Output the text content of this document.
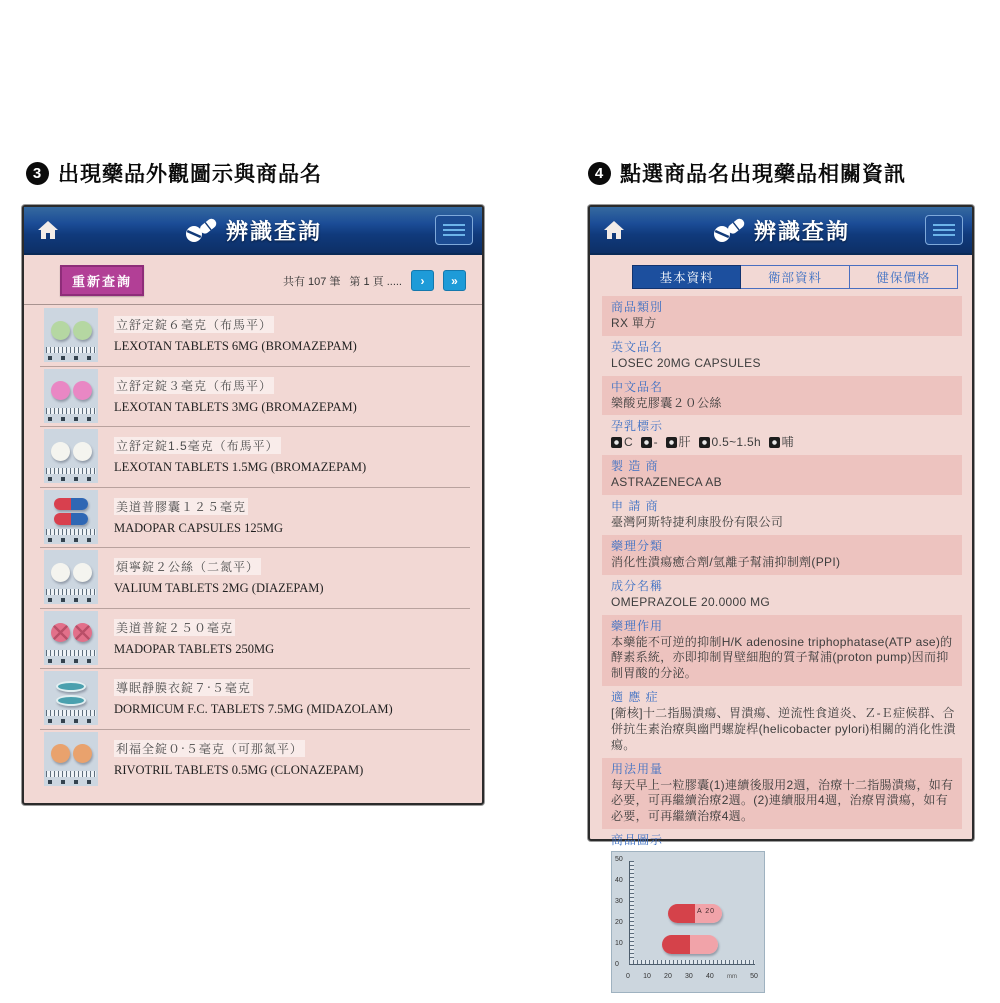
3 出現藥品外觀圖示與商品名	4 點選商品名出現藥品相關資訊
辨識查詢
重新查詢	共有 107 筆 第 1 頁 .....	›	»
立舒定錠６毫克（布馬平）
LEXOTAN TABLETS 6MG (BROMAZEPAM)
立舒定錠３毫克（布馬平）
LEXOTAN TABLETS 3MG (BROMAZEPAM)
立舒定錠1.5毫克（布馬平）
LEXOTAN TABLETS 1.5MG (BROMAZEPAM)
美道普膠囊１２５毫克
MADOPAR CAPSULES 125MG
煩寧錠２公絲（二氮平）
VALIUM TABLETS 2MG (DIAZEPAM)
美道普錠２５０毫克
MADOPAR TABLETS 250MG
導眠靜膜衣錠７‧５毫克
DORMICUM F.C. TABLETS 7.5MG (MIDAZOLAM)
利福全錠０‧５毫克（可那氮平）
RIVOTRIL TABLETS 0.5MG (CLONAZEPAM)
辨識查詢
基本資料	衛部資料	健保價格
商品類別
RX 單方
英文品名
LOSEC 20MG CAPSULES
中文品名
樂酸克膠囊２０公絲
孕乳標示
C - 肝 0.5~1.5h 哺
製 造 商
ASTRAZENECA AB
申 請 商
臺灣阿斯特捷利康股份有限公司
藥理分類
消化性潰瘍癒合劑/氫離子幫浦抑制劑(PPI)
成分名稱
OMEPRAZOLE 20.0000 MG
藥理作用
本藥能不可逆的抑制H/K adenosine triphophatase(ATP ase)的酵素系統，亦即抑制胃壁細胞的質子幫浦(proton pump)因而抑制胃酸的分泌。
適 應 症
[衛核]十二指腸潰瘍、胃潰瘍、逆流性食道炎、Ｚ-Ｅ症候群、合併抗生素治療與幽門螺旋桿(helicobacter pylori)相關的消化性潰瘍。
用法用量
每天早上一粒膠囊(1)連續後服用2週，治療十二指腸潰瘍，如有必要，可再繼續治療2週。(2)連續服用4週，治療胃潰瘍，如有必要，可再繼續治療4週。
商品圖示
50
40
30
20
10
0
0 10 20 30 40 mm 50
A 20
